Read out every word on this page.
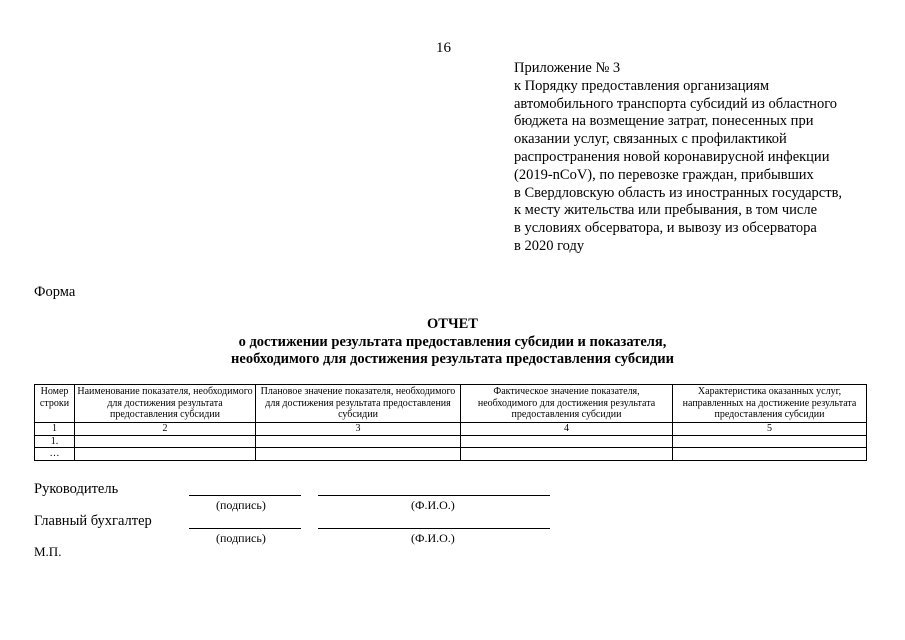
16
Приложение № 3
к Порядку предоставления организациям
автомобильного транспорта субсидий из областного
бюджета на возмещение затрат, понесенных при
оказании услуг, связанных с профилактикой
распространения новой коронавирусной инфекции
(2019-nCoV), по перевозке граждан, прибывших
в Свердловскую область из иностранных государств,
к месту жительства или пребывания, в том числе
в условиях обсерватора, и вывозу из обсерватора
в 2020 году
Форма
ОТЧЕТ
о достижении результата предоставления субсидии и показателя,
необходимого для достижения результата предоставления субсидии
Номер строки	Наименование показателя, необходимого для достижения результата предоставления субсидии	Плановое значение показателя, необходимого для достижения результата предоставления субсидии	Фактическое значение показателя, необходимого для достижения результата предоставления субсидии	Характеристика оказанных услуг, направленных на достижение результата предоставления субсидии
1	2	3	4	5
1.				
…				
Руководитель
(подпись)	(Ф.И.О.)
Главный бухгалтер
(подпись)	(Ф.И.О.)
М.П.
